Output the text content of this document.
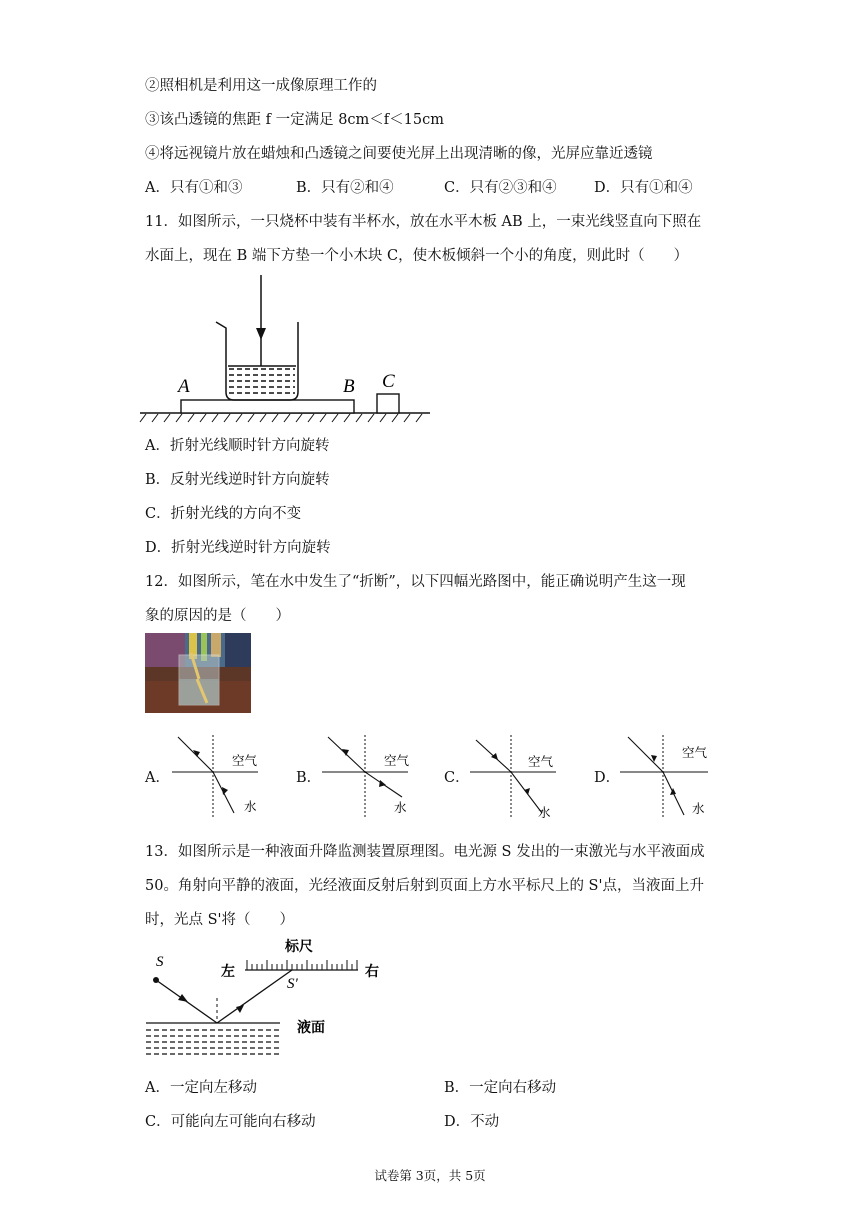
②照相机是利用这一成像原理工作的
③该凸透镜的焦距 f 一定满足 8cm＜f＜15cm
④将远视镜片放在蜡烛和凸透镜之间要使光屏上出现清晰的像，光屏应靠近透镜
A．只有①和③	B．只有②和④	C．只有②③和④	D．只有①和④
11．如图所示，一只烧杯中装有半杯水，放在水平木板 AB 上，一束光线竖直向下照在
水面上，现在 B 端下方垫一个小木块 C，使木板倾斜一个小的角度，则此时（　　）
A	B C
A．折射光线顺时针方向旋转
B．反射光线逆时针方向旋转
C．折射光线的方向不变
D．折射光线逆时针方向旋转
12．如图所示，笔在水中发生了“折断”，以下四幅光路图中，能正确说明产生这一现
象的原因的是（　　）
A．
空气
水
B．
空气
水
C．
空气
水
D．
空气
水
13．如图所示是一种液面升降监测装置原理图。电光源 S 发出的一束激光与水平液面成
50。角射向平静的液面，光经液面反射后射到页面上方水平标尺上的 S'点，当液面上升
时，光点 S'将（　　）
S
S'
标尺
左	右
液面
A．一定向左移动	B．一定向右移动
C．可能向左可能向右移动	D．不动
试卷第 3页，共 5页
